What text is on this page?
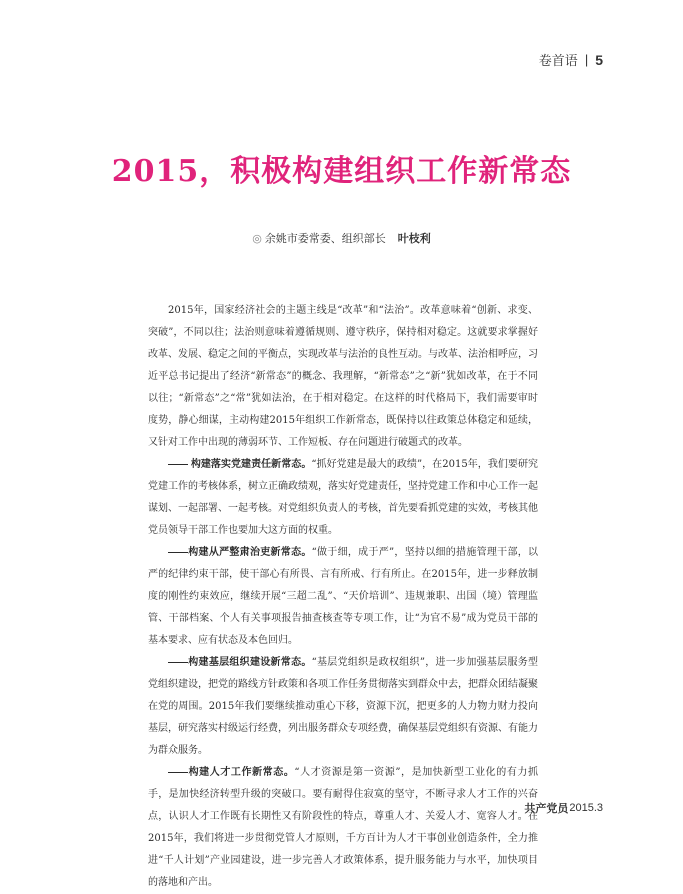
卷首语 | 5
2015，积极构建组织工作新常态
◎ 余姚市委常委、组织部长 叶枝利

2015年，国家经济社会的主题主线是“改革”和“法治”。改革意味着“创新、求变、突破”，不同以往；法治则意味着遵循规则、遵守秩序，保持相对稳定。这就要求掌握好改革、发展、稳定之间的平衡点，实现改革与法治的良性互动。与改革、法治相呼应，习近平总书记提出了经济“新常态”的概念、我理解，“新常态”之“新”犹如改革，在于不同以往；“新常态”之“常”犹如法治，在于相对稳定。在这样的时代格局下，我们需要审时度势，静心细谋，主动构建2015年组织工作新常态，既保持以往政策总体稳定和延续，又针对工作中出现的薄弱环节、工作短板、存在问题进行破题式的改革。

—— 构建落实党建责任新常态。“抓好党建是最大的政绩”，在2015年，我们要研究党建工作的考核体系，树立正确政绩观，落实好党建责任，坚持党建工作和中心工作一起谋划、一起部署、一起考核。对党组织负责人的考核，首先要看抓党建的实效，考核其他党员领导干部工作也要加大这方面的权重。

——构建从严整肃治吏新常态。“做于细，成于严”，坚持以细的措施管理干部，以严的纪律约束干部，使干部心有所畏、言有所戒、行有所止。在2015年，进一步释放制度的刚性约束效应，继续开展“三超二乱”、“天价培训”、违规兼职、出国（境）管理监管、干部档案、个人有关事项报告抽查核查等专项工作，让“为官不易”成为党员干部的基本要求、应有状态及本色回归。

——构建基层组织建设新常态。“基层党组织是政权组织”，进一步加强基层服务型党组织建设，把党的路线方针政策和各项工作任务贯彻落实到群众中去，把群众团结凝聚在党的周围。2015年我们要继续推动重心下移，资源下沉，把更多的人力物力财力投向基层，研究落实村级运行经费，列出服务群众专项经费，确保基层党组织有资源、有能力为群众服务。

——构建人才工作新常态。“人才资源是第一资源”，是加快新型工业化的有力抓手，是加快经济转型升级的突破口。要有耐得住寂寞的坚守，不断寻求人才工作的兴奋点，认识人才工作既有长期性又有阶段性的特点，尊重人才、关爱人才、宽容人才。在2015年，我们将进一步贯彻党管人才原则，千方百计为人才干事创业创造条件，全力推进“千人计划”产业园建设，进一步完善人才政策体系，提升服务能力与水平，加快项目的落地和产出。

共产党员 2015.3
